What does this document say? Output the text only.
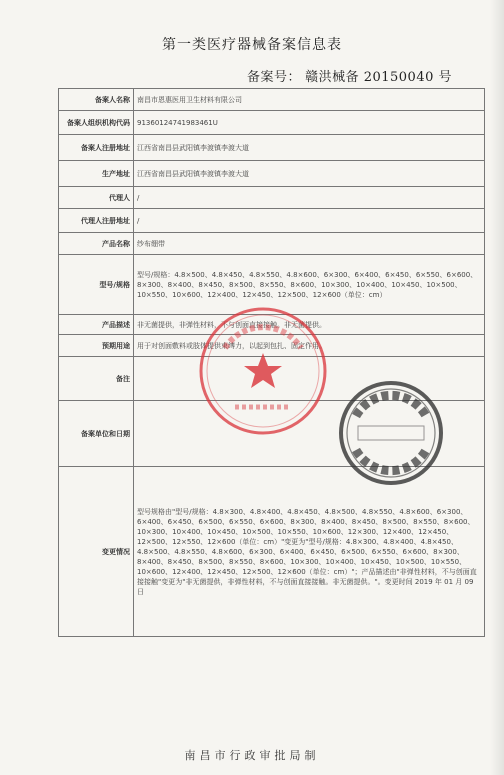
第一类医疗器械备案信息表
备案号： 赣洪械备 20150040 号
备案人名称	南昌市恩惠医用卫生材料有限公司
备案人组织机构代码	91360124741983461U
备案人注册地址	江西省南昌县武阳镇李渡镇李渡大道
生产地址	江西省南昌县武阳镇李渡镇李渡大道
代理人	/
代理人注册地址	/
产品名称	纱布绷带
型号/规格	型号/规格：4.8×500、4.8×450、4.8×550、4.8×600、6×300、6×400、6×450、6×550、6×600、8×300、8×400、8×450、8×500、8×550、8×600、10×300、10×400、10×450、10×500、10×550、10×600、12×400、12×450、12×500、12×600（单位：cm）
产品描述	非无菌提供，非弹性材料，不与创面直接接触。非无菌提供。
预期用途	用于对创面敷料或肢体提供束缚力，以起到包扎、固定作用。
备注	
备案单位和日期	
变更情况	型号规格由"型号/规格：4.8×300、4.8×400、4.8×450、4.8×500、4.8×550、4.8×600、6×300、6×400、6×450、6×500、6×550、6×600、8×300、8×400、8×450、8×500、8×550、8×600、10×300、10×400、10×450、10×500、10×550、10×600、12×300、12×400、12×450、12×500、12×550、12×600（单位：cm）"变更为"型号/规格：4.8×300、4.8×400、4.8×450、4.8×500、4.8×550、4.8×600、6×300、6×400、6×450、6×500、6×550、6×600、8×300、8×400、8×450、8×500、8×550、8×600、10×300、10×400、10×450、10×500、10×550、10×600、12×400、12×450、12×500、12×600（单位：cm）"；产品描述由"非弹性材料，不与创面直接接触"变更为"非无菌提供，非弹性材料，不与创面直接接触。非无菌提供。"。变更时间 2019 年 01 月 09 日
南昌市行政审批局制
